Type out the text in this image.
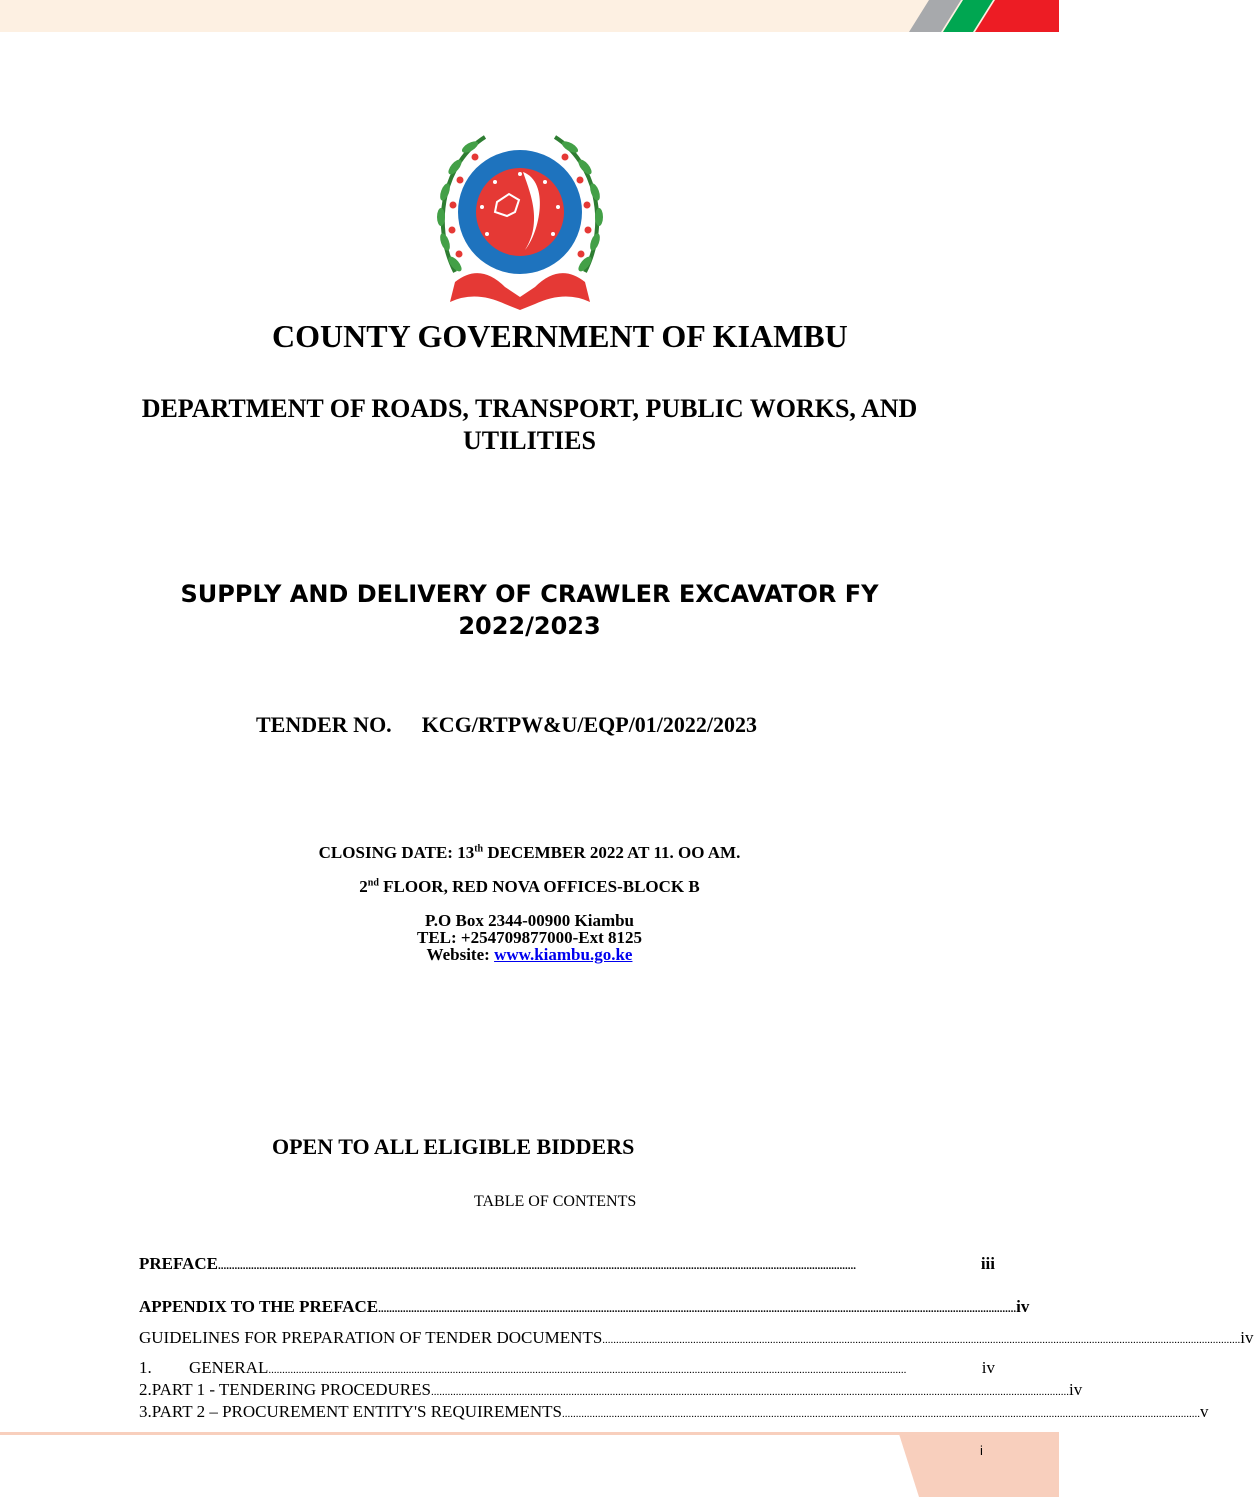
COUNTY GOVERNMENT OF KIAMBU
DEPARTMENT OF ROADS, TRANSPORT, PUBLIC WORKS, AND
UTILITIES
SUPPLY AND DELIVERY OF CRAWLER EXCAVATOR FY
2022/2023
TENDER NO. KCG/RTPW&U/EQP/01/2022/2023
CLOSING DATE: 13th DECEMBER 2022 AT 11. OO AM.
2nd FLOOR, RED NOVA OFFICES-BLOCK B
P.O Box 2344-00900 Kiambu
TEL: +254709877000-Ext 8125
Website: www.kiambu.go.ke
OPEN TO ALL ELIGIBLE BIDDERS
TABLE OF CONTENTS
PREFACE ........................................................................................................................................................................................................................................	iii
APPENDIX TO THE PREFACE ........................................................................................................................................................................................................................................ iv
GUIDELINES FOR PREPARATION OF TENDER DOCUMENTS ........................................................................................................................................................................................................................................ iv
1.	GENERAL ........................................................................................................................................................................................................................................	iv
2. PART 1 - TENDERING PROCEDURES ........................................................................................................................................................................................................................................ iv
3. PART 2 – PROCUREMENT ENTITY'S REQUIREMENTS ........................................................................................................................................................................................................................................ v
i
